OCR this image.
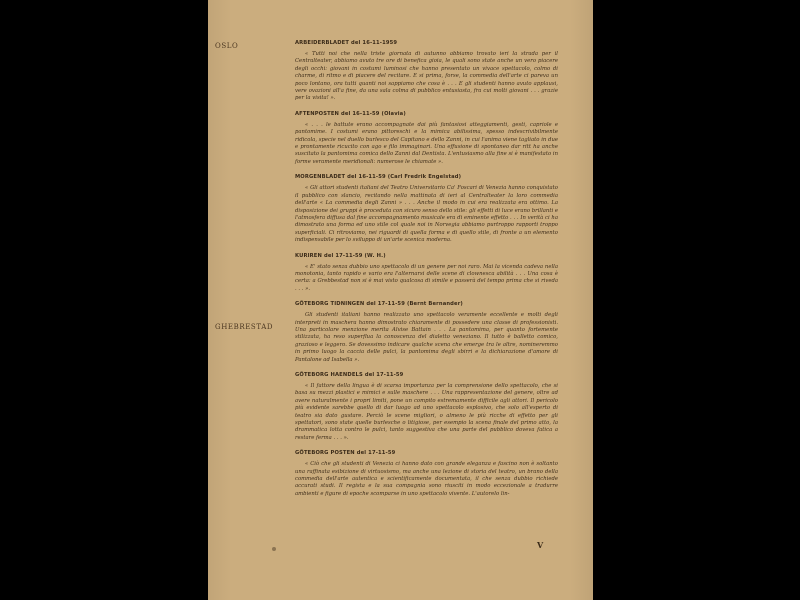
OSLO
GHEBRESTAD
ARBEIDERBLADET del 16-11-1959

« Tutti noi che nella triste giornata di autunno abbiamo trovato ieri la strada per il Centralteater, abbiamo avuto tre ore di benefica gioia, le quali sono state anche un vero piacere degli occhi: giovani in costumi luminosi che hanno presentato un vivace spettacolo, colmo di charme, di ritmo e di piacere del recitare. E si prima, forse, la commedia dell'arte ci pareva un poco lontano, ora tutti quanti noi sappiamo che cosa è . . . E gli studenti hanno avuto applausi, vere ovazioni all'a fine, da una sala colma di pubblico entusiasta, fra cui molti giovani . . . grazie per la visita! ».

AFTENPOSTEN del 16-11-59 (Olavia)

« . . . le battute erano accompagnate dai più fantasiosi atteggiamenti, gesti, capriole e pantomime. I costumi erano pittoreschi e la mimica abilissima, spesso indescrivibilmente ridicola, specie nel duello burlesco del Capitano e dello Zanni, in cui l'anima viene tagliato in due e prontamente ricucito con ago e filo immaginari. Una effusione di spontaneo dar ritt ha anche suscitato la pantomima comica dello Zanni dal Dentista. L'entusiasmo alla fine si è manifestato in forme veramente meridionali: numerose le chiamate ».

MORGENBLADET del 16-11-59 (Carl Fredrik Engelstad)

« Gli attori studenti italiani del Teatro Universitario Ca' Foscari di Venezia hanno conquistato il pubblico con slancio, recitando nella mattinata di ieri al Centralteater la loro commedia dell'arte « La commedia degli Zanni » . . . Anche il modo in cui era realizzata era ottimo. La disposizione dei gruppi è proceduta con sicuro senso dello stile: gli effetti di luce erano brillanti e l'atmosfera diffusa dal fine accompagnamento musicale era di eminente effetto . . . In verità ci ha dimostrato una forma ed uno stile col quale noi in Norvegia abbiamo purtroppo rapporti troppo superficiali. Ci ritroviamo, nei riguardi di quella forma e di quello stile, di fronte a un elemento indispensabile per lo sviluppo di un'arte scenica moderna.

KURIREN del 17-11-59 (W. H.)

« E' stato senza dubbio uno spettacolo di un genere per noi raro. Mai la vicenda cadeva nella monotonia, tanto rapido e vario era l'alternarsi delle scene di clownesca abilità . . . Una cosa è certa: a Grebbestad non si è mai visto qualcosa di simile e passerà del tempo prima che si riveda . . . ».

GÖTEBORG TIDNINGEN del 17-11-59 (Bernt Bernander)

Gli studenti italiani hanno realizzato uno spettacolo veramente eccellente e molti degli interpreti in maschera hanno dimostrato chiaramente di possedere una classe di professionisti. Una particolare menzione merita Alvise Battain . . . La pantomima, per quanto fortemente stilizzata, ha reso superflua la conoscenza del dialetto veneziano. Il tutto è balletto comico, grazioso e leggero. Se dovessimo indicare qualche scena che emerge tra le altre, nomineremmo in primo luogo la caccia delle pulci, la pantomima degli sbirri e la dichiarazione d'amore di Pantalone ad Isabella ».

GÖTEBORG HAENDELS del 17-11-59

« Il fattore della lingua è di scarsa importanza per la comprensione dello spettacolo, che si basa su mezzi plastici e mimici e sulle maschere . . . Una rappresentazione del genere, oltre ad avere naturalmente i propri limiti, pone un compito estremamente difficile agli attori. Il pericolo più evidente sarebbe quello di dar luogo ad uno spettacolo esplosivo, che solo all'esperto di teatro sia dato gustare. Perciò le scene migliori, o almeno le più ricche di effetto per gli spettatori, sono state quelle burlesche o litigiose, per esempio la scena finale del primo atto, la drammatica lotta contro le pulci, tanto suggestiva che una parte del pubblico doveva fatica a restare ferma . . . ».

GÖTEBORG POSTEN del 17-11-59

« Ciò che gli studenti di Venezia ci hanno dato con grande eleganza e fascino non è soltanto una raffinata esibizione di virtuosismo, ma anche una lezione di storia del teatro, un brano della commedia dell'arte autentica e scientificamente documentata, il che senza dubbio richiede accurati studi. Il regista e la sua compagnia sono riusciti in modo eccezionale a tradurre ambienti e figure di epoche scomparse in uno spettacolo vivente. L'autorelo lin-

V
